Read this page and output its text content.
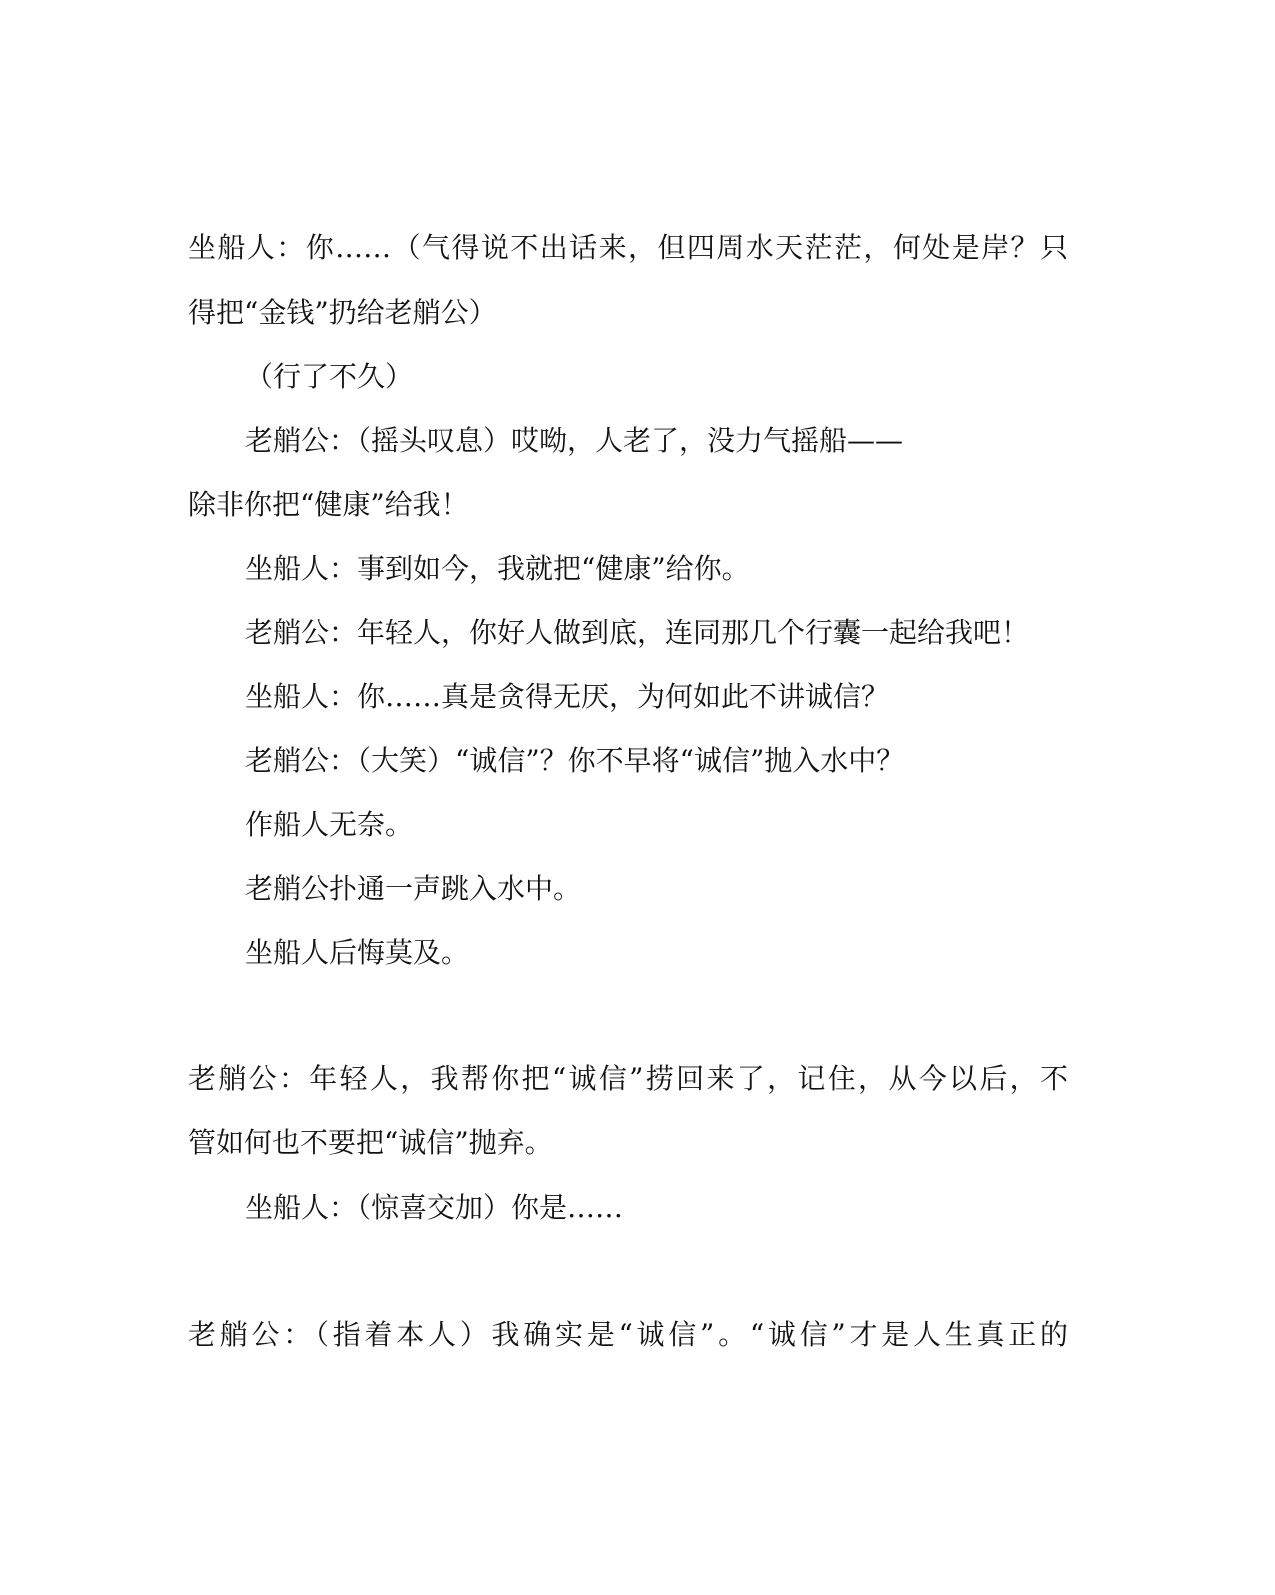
坐船人：你……（气得说不出话来，但四周水天茫茫，何处是岸？只
得把“金钱”扔给老艄公）
（行了不久）
老艄公：（摇头叹息）哎呦，人老了，没力气摇船——
除非你把“健康”给我！
坐船人：事到如今，我就把“健康”给你。
老艄公：年轻人，你好人做到底，连同那几个行囊一起给我吧！
坐船人：你……真是贪得无厌，为何如此不讲诚信？
老艄公：（大笑）“诚信”？你不早将“诚信”抛入水中？
作船人无奈。
老艄公扑通一声跳入水中。
坐船人后悔莫及。
老艄公：年轻人，我帮你把“诚信”捞回来了，记住，从今以后，不
管如何也不要把“诚信”抛弃。
坐船人：（惊喜交加）你是……
老艄公：（指着本人）我确实是“诚信”。“诚信”才是人生真正的
